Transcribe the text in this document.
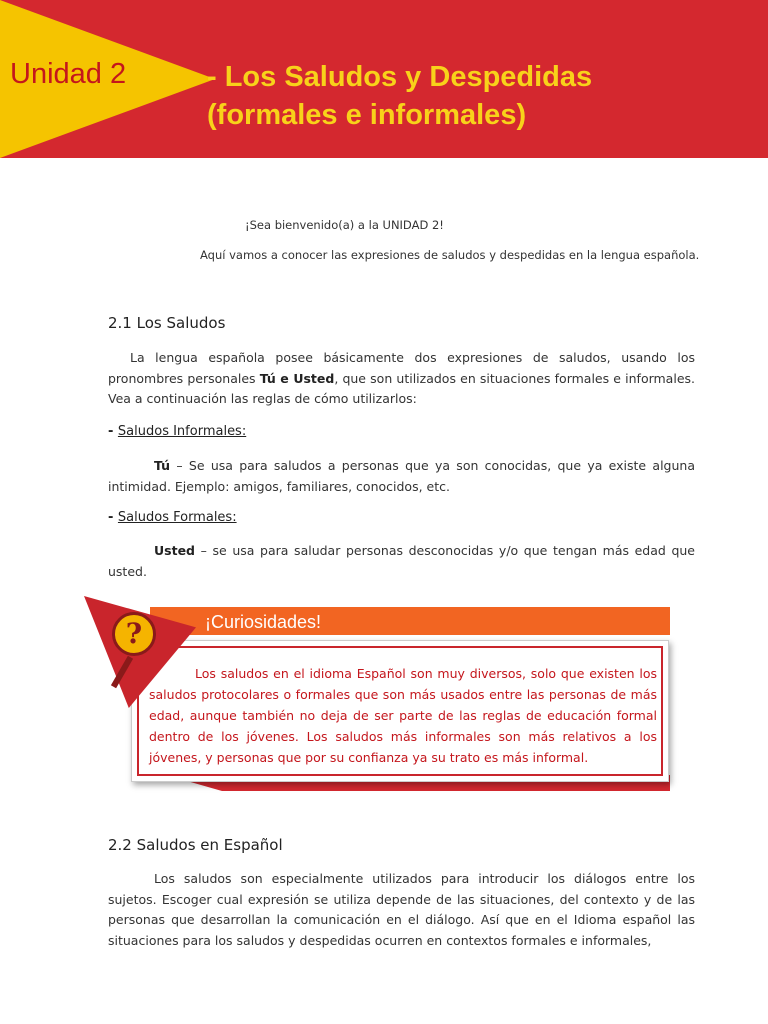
Unidad 2	- Los Saludos y Despedidas
(formales e informales)
¡Sea bienvenido(a) a la UNIDAD 2!
Aquí vamos a conocer las expresiones de saludos y despedidas en la lengua española.
2.1 Los Saludos
La lengua española posee básicamente dos expresiones de saludos, usando los pronombres personales Tú e Usted, que son utilizados en situaciones formales e informales. Vea a continuación las reglas de cómo utilizarlos:
- Saludos Informales:
Tú – Se usa para saludos a personas que ya son conocidas, que ya existe alguna intimidad. Ejemplo: amigos, familiares, conocidos, etc.
- Saludos Formales:
Usted – se usa para saludar personas desconocidas y/o que tengan más edad que usted.
¡Curiosidades!
Los saludos en el idioma Español son muy diversos, solo que existen los saludos protocolares o formales que son más usados entre las personas de más edad, aunque también no deja de ser parte de las reglas de educación formal dentro de los jóvenes. Los saludos más informales son más relativos a los jóvenes, y personas que por su confianza ya su trato es más informal.
?
2.2 Saludos en Español
Los saludos son especialmente utilizados para introducir los diálogos entre los sujetos. Escoger cual expresión se utiliza depende de las situaciones, del contexto y de las personas que desarrollan la comunicación en el diálogo. Así que en el Idioma español las situaciones para los saludos y despedidas ocurren en contextos formales e informales,
